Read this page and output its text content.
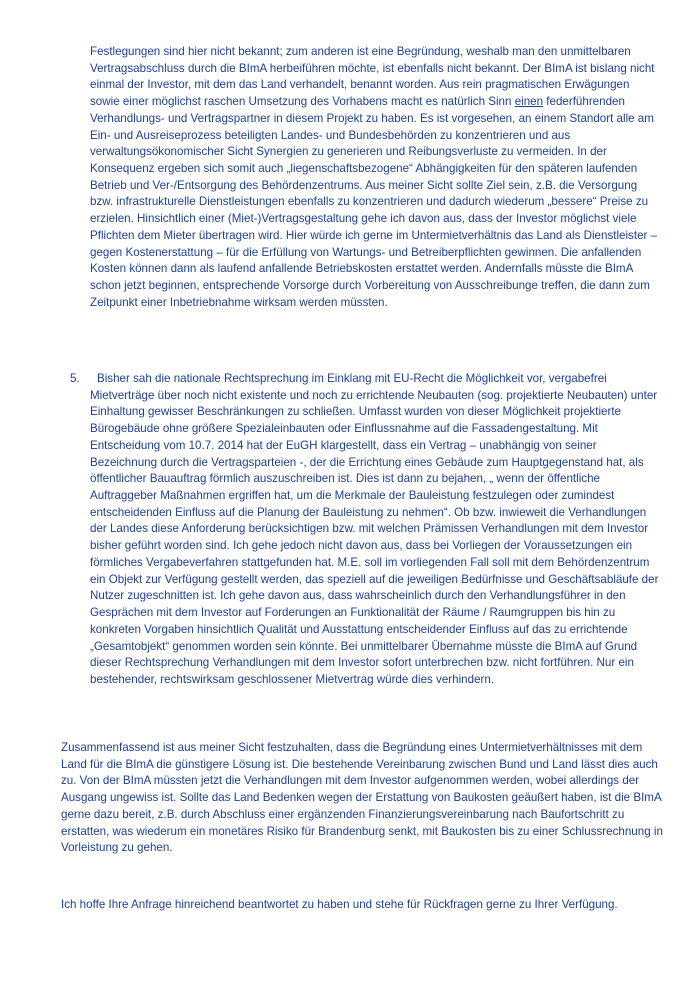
Festlegungen sind hier nicht bekannt; zum anderen ist eine Begründung, weshalb man den unmittelbaren Vertragsabschluss durch die BImA herbeiführen möchte, ist ebenfalls nicht bekannt. Der BImA ist bislang nicht einmal der Investor, mit dem das Land verhandelt, benannt worden. Aus rein pragmatischen Erwägungen sowie einer möglichst raschen Umsetzung des Vorhabens macht es natürlich Sinn einen federführenden Verhandlungs- und Vertragspartner in diesem Projekt zu haben. Es ist vorgesehen, an einem Standort alle am Ein- und Ausreiseprozess beteiligten Landes- und Bundesbehörden zu konzentrieren und aus verwaltungsökonomischer Sicht Synergien zu generieren und Reibungsverluste zu vermeiden. In der Konsequenz ergeben sich somit auch „liegenschaftsbezogene“ Abhängigkeiten für den späteren laufenden Betrieb und Ver-/Entsorgung des Behördenzentrums. Aus meiner Sicht sollte Ziel sein, z.B. die Versorgung bzw. infrastrukturelle Dienstleistungen ebenfalls zu konzentrieren und dadurch wiederum „bessere“ Preise zu erzielen. Hinsichtlich einer (Miet-)Vertragsgestaltung gehe ich davon aus, dass der Investor möglichst viele Pflichten dem Mieter übertragen wird. Hier würde ich gerne im Untermietverhältnis das Land als Dienstleister – gegen Kostenerstattung – für die Erfüllung von Wartungs- und Betreiberpflichten gewinnen. Die anfallenden Kosten können dann als laufend anfallende Betriebskosten erstattet werden. Andernfalls müsste die BImA schon jetzt beginnen, entsprechende Vorsorge durch Vorbereitung von Ausschreibunge treffen, die dann zum Zeitpunkt einer Inbetriebnahme wirksam werden müssten.

5.	Bisher sah die nationale Rechtsprechung im Einklang mit EU-Recht die Möglichkeit vor, vergabefrei Mietverträge über noch nicht existente und noch zu errichtende Neubauten (sog. projektierte Neubauten) unter Einhaltung gewisser Beschränkungen zu schließen. Umfasst wurden von dieser Möglichkeit projektierte Bürogebäude ohne größere Spezialeinbauten oder Einflussnahme auf die Fassadengestaltung. Mit Entscheidung vom 10.7. 2014 hat der EuGH klargestellt, dass ein Vertrag – unabhängig von seiner Bezeichnung durch die Vertragsparteien -, der die Errichtung eines Gebäude zum Hauptgegenstand hat, als öffentlicher Bauauftrag förmlich auszuschreiben ist. Dies ist dann zu bejahen, „ wenn der öffentliche Auftraggeber Maßnahmen ergriffen hat, um die Merkmale der Bauleistung festzulegen oder zumindest entscheidenden Einfluss auf die Planung der Bauleistung zu nehmen“. Ob bzw. inwieweit die Verhandlungen der Landes diese Anforderung berücksichtigen bzw. mit welchen Prämissen Verhandlungen mit dem Investor bisher geführt worden sind. Ich gehe jedoch nicht davon aus, dass bei Vorliegen der Voraussetzungen ein förmliches Vergabeverfahren stattgefunden hat. M.E. soll im vorliegenden Fall soll mit dem Behördenzentrum ein Objekt zur Verfügung gestellt werden, das speziell auf die jeweiligen Bedürfnisse und Geschäftsabläufe der Nutzer zugeschnitten ist. Ich gehe davon aus, dass wahrscheinlich durch den Verhandlungsführer in den Gesprächen mit dem Investor auf Forderungen an Funktionalität der Räume / Raumgruppen bis hin zu konkreten Vorgaben hinsichtlich Qualität und Ausstattung entscheidender Einfluss auf das zu errichtende „Gesamtobjekt“ genommen worden sein könnte. Bei unmittelbarer Übernahme müsste die BImA auf Grund dieser Rechtsprechung Verhandlungen mit dem Investor sofort unterbrechen bzw. nicht fortführen. Nur ein bestehender, rechtswirksam geschlossener Mietvertrag würde dies verhindern.

Zusammenfassend ist aus meiner Sicht festzuhalten, dass die Begründung eines Untermietverhältnisses mit dem Land für die BImA die günstigere Lösung ist. Die bestehende Vereinbarung zwischen Bund und Land lässt dies auch zu. Von der BImA müssten jetzt die Verhandlungen mit dem Investor aufgenommen werden, wobei allerdings der Ausgang ungewiss ist. Sollte das Land Bedenken wegen der Erstattung von Baukosten geäußert haben, ist die BImA gerne dazu bereit, z.B. durch Abschluss einer ergänzenden Finanzierungsvereinbarung nach Baufortschritt zu erstatten, was wiederum ein monetäres Risiko für Brandenburg senkt, mit Baukosten bis zu einer Schlussrechnung in Vorleistung zu gehen.

Ich hoffe Ihre Anfrage hinreichend beantwortet zu haben und stehe für Rückfragen gerne zu Ihrer Verfügung.
